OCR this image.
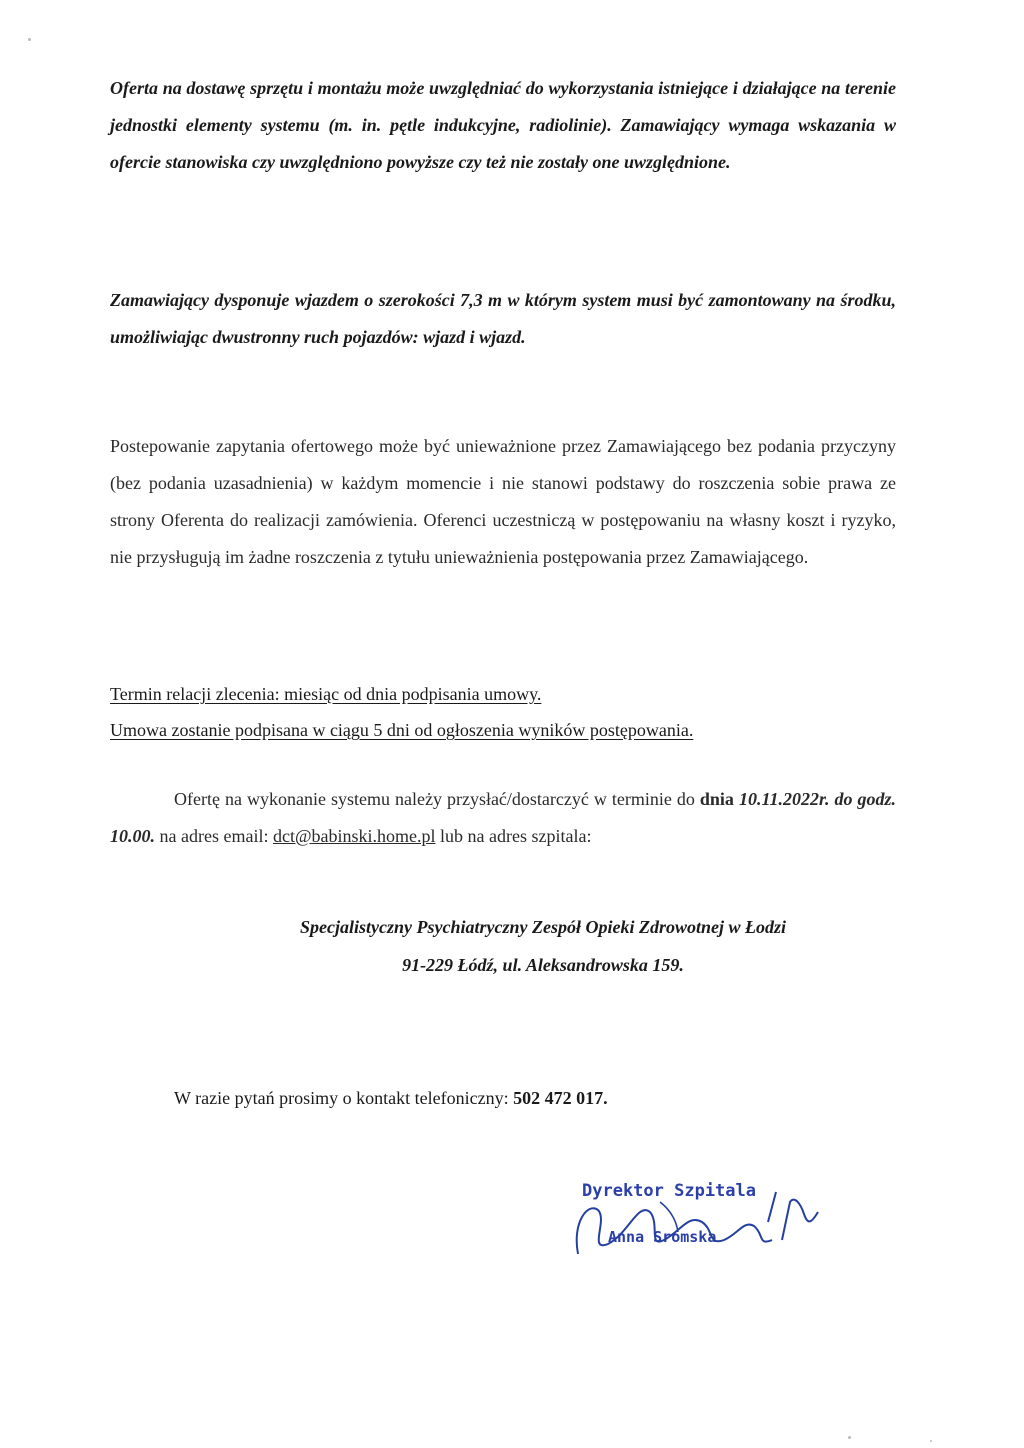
Oferta na dostawę sprzętu i montażu może uwzględniać do wykorzystania istniejące i działające na terenie jednostki elementy systemu (m. in. pętle indukcyjne, radiolinie). Zamawiający wymaga wskazania w ofercie stanowiska czy uwzględniono powyższe czy też nie zostały one uwzględnione.
Zamawiający dysponuje wjazdem o szerokości 7,3 m w którym system musi być zamontowany na środku, umożliwiając dwustronny ruch pojazdów: wjazd i wjazd.
Postepowanie zapytania ofertowego może być unieważnione przez Zamawiającego bez podania przyczyny (bez podania uzasadnienia) w każdym momencie i nie stanowi podstawy do roszczenia sobie prawa ze strony Oferenta do realizacji zamówienia. Oferenci uczestniczą w postępowaniu na własny koszt i ryzyko, nie przysługują im żadne roszczenia z tytułu unieważnienia postępowania przez Zamawiającego.
Termin relacji zlecenia: miesiąc od dnia podpisania umowy.
Umowa zostanie podpisana w ciągu 5 dni od ogłoszenia wyników postępowania.
Ofertę na wykonanie systemu należy przysłać/dostarczyć w terminie do dnia 10.11.2022r. do godz. 10.00. na adres email: dct@babinski.home.pl lub na adres szpitala:
Specjalistyczny Psychiatryczny Zespół Opieki Zdrowotnej w Łodzi
91-229 Łódź, ul. Aleksandrowska 159.
W razie pytań prosimy o kontakt telefoniczny: 502 472 017.
Dyrektor Szpitala
Anna Sromska
